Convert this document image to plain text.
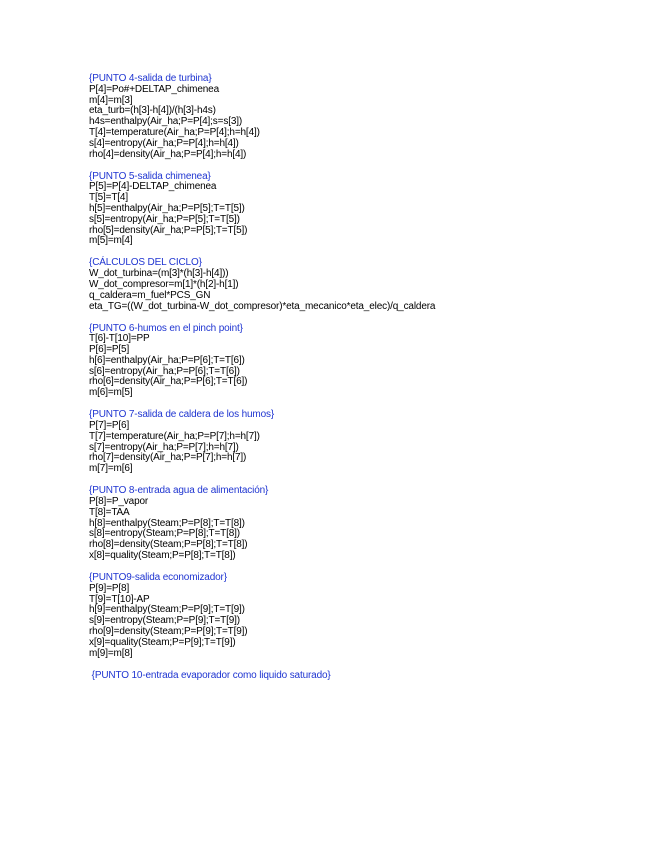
{PUNTO 4-salida de turbina}
P[4]=Po#+DELTAP_chimenea
m[4]=m[3]
eta_turb=(h[3]-h[4])/(h[3]-h4s)
h4s=enthalpy(Air_ha;P=P[4];s=s[3])
T[4]=temperature(Air_ha;P=P[4];h=h[4])
s[4]=entropy(Air_ha;P=P[4];h=h[4])
rho[4]=density(Air_ha;P=P[4];h=h[4])
{PUNTO 5-salida chimenea}
P[5]=P[4]-DELTAP_chimenea
T[5]=T[4]
h[5]=enthalpy(Air_ha;P=P[5];T=T[5])
s[5]=entropy(Air_ha;P=P[5];T=T[5])
rho[5]=density(Air_ha;P=P[5];T=T[5])
m[5]=m[4]
{CÁLCULOS DEL CICLO}
W_dot_turbina=(m[3]*(h[3]-h[4]))
W_dot_compresor=m[1]*(h[2]-h[1])
q_caldera=m_fuel*PCS_GN
eta_TG=((W_dot_turbina-W_dot_compresor)*eta_mecanico*eta_elec)/q_caldera
{PUNTO 6-humos en el pinch point}
T[6]-T[10]=PP
P[6]=P[5]
h[6]=enthalpy(Air_ha;P=P[6];T=T[6])
s[6]=entropy(Air_ha;P=P[6];T=T[6])
rho[6]=density(Air_ha;P=P[6];T=T[6])
m[6]=m[5]
{PUNTO 7-salida de caldera de los humos}
P[7]=P[6]
T[7]=temperature(Air_ha;P=P[7];h=h[7])
s[7]=entropy(Air_ha;P=P[7];h=h[7])
rho[7]=density(Air_ha;P=P[7];h=h[7])
m[7]=m[6]
{PUNTO 8-entrada agua de alimentación}
P[8]=P_vapor
T[8]=TAA
h[8]=enthalpy(Steam;P=P[8];T=T[8])
s[8]=entropy(Steam;P=P[8];T=T[8])
rho[8]=density(Steam;P=P[8];T=T[8])
x[8]=quality(Steam;P=P[8];T=T[8])
{PUNTO9-salida economizador}
P[9]=P[8]
T[9]=T[10]-AP
h[9]=enthalpy(Steam;P=P[9];T=T[9])
s[9]=entropy(Steam;P=P[9];T=T[9])
rho[9]=density(Steam;P=P[9];T=T[9])
x[9]=quality(Steam;P=P[9];T=T[9])
m[9]=m[8]
{PUNTO 10-entrada evaporador como liquido saturado}
